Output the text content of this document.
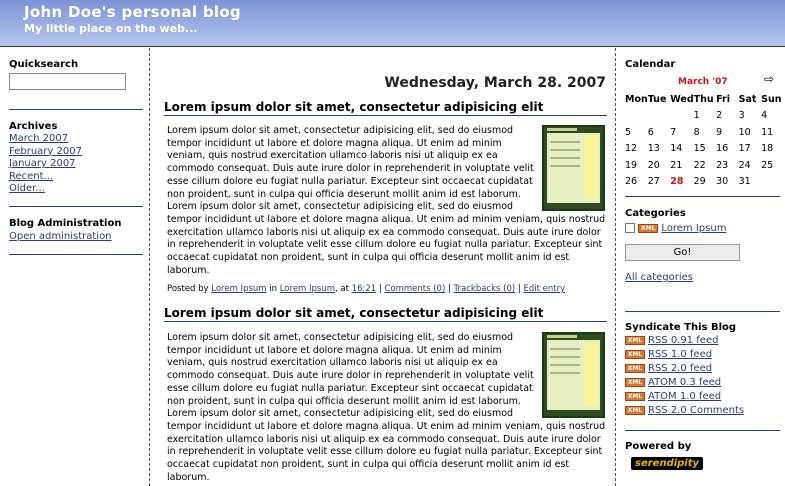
John Doe's personal blog
My little place on the web...
Quicksearch
Archives
March 2007
February 2007
January 2007
Recent...
Older...
Blog Administration
Open administration
Wednesday, March 28. 2007
Lorem ipsum dolor sit amet, consectetur adipisicing elit
Lorem ipsum dolor sit amet, consectetur adipisicing elit, sed do eiusmod tempor incididunt ut labore et dolore magna aliqua. Ut enim ad minim veniam, quis nostrud exercitation ullamco laboris nisi ut aliquip ex ea commodo consequat. Duis aute irure dolor in reprehenderit in voluptate velit esse cillum dolore eu fugiat nulla pariatur. Excepteur sint occaecat cupidatat non proident, sunt in culpa qui officia deserunt mollit anim id est laborum. Lorem ipsum dolor sit amet, consectetur adipisicing elit, sed do eiusmod tempor incididunt ut labore et dolore magna aliqua. Ut enim ad minim veniam, quis nostrud exercitation ullamco laboris nisi ut aliquip ex ea commodo consequat. Duis aute irure dolor in reprehenderit in voluptate velit esse cillum dolore eu fugiat nulla pariatur. Excepteur sint occaecat cupidatat non proident, sunt in culpa qui officia deserunt mollit anim id est laborum.
Posted by Lorem Ipsum in Lorem Ipsum, at 16:21 | Comments (0) | Trackbacks (0) | Edit entry
Lorem ipsum dolor sit amet, consectetur adipisicing elit
Lorem ipsum dolor sit amet, consectetur adipisicing elit, sed do eiusmod tempor incididunt ut labore et dolore magna aliqua. Ut enim ad minim veniam, quis nostrud exercitation ullamco laboris nisi ut aliquip ex ea commodo consequat. Duis aute irure dolor in reprehenderit in voluptate velit esse cillum dolore eu fugiat nulla pariatur. Excepteur sint occaecat cupidatat non proident, sunt in culpa qui officia deserunt mollit anim id est laborum. Lorem ipsum dolor sit amet, consectetur adipisicing elit, sed do eiusmod tempor incididunt ut labore et dolore magna aliqua. Ut enim ad minim veniam, quis nostrud exercitation ullamco laboris nisi ut aliquip ex ea commodo consequat. Duis aute irure dolor in reprehenderit in voluptate velit esse cillum dolore eu fugiat nulla pariatur. Excepteur sint occaecat cupidatat non proident, sunt in culpa qui officia deserunt mollit anim id est laborum.
Calendar
March '07	⇨
Mon	Tue	Wed	Thu	Fri	Sat	Sun
			1	2	3	4
5	6	7	8	9	10	11
12	13	14	15	16	17	18
19	20	21	22	23	24	25
26	27	28	29	30	31	
Categories
XML Lorem Ipsum
Go!
All categories
Syndicate This Blog
XML RSS 0.91 feed
XML RSS 1.0 feed
XML RSS 2.0 feed
XML ATOM 0.3 feed
XML ATOM 1.0 feed
XML RSS 2.0 Comments
Powered by
serendipity
